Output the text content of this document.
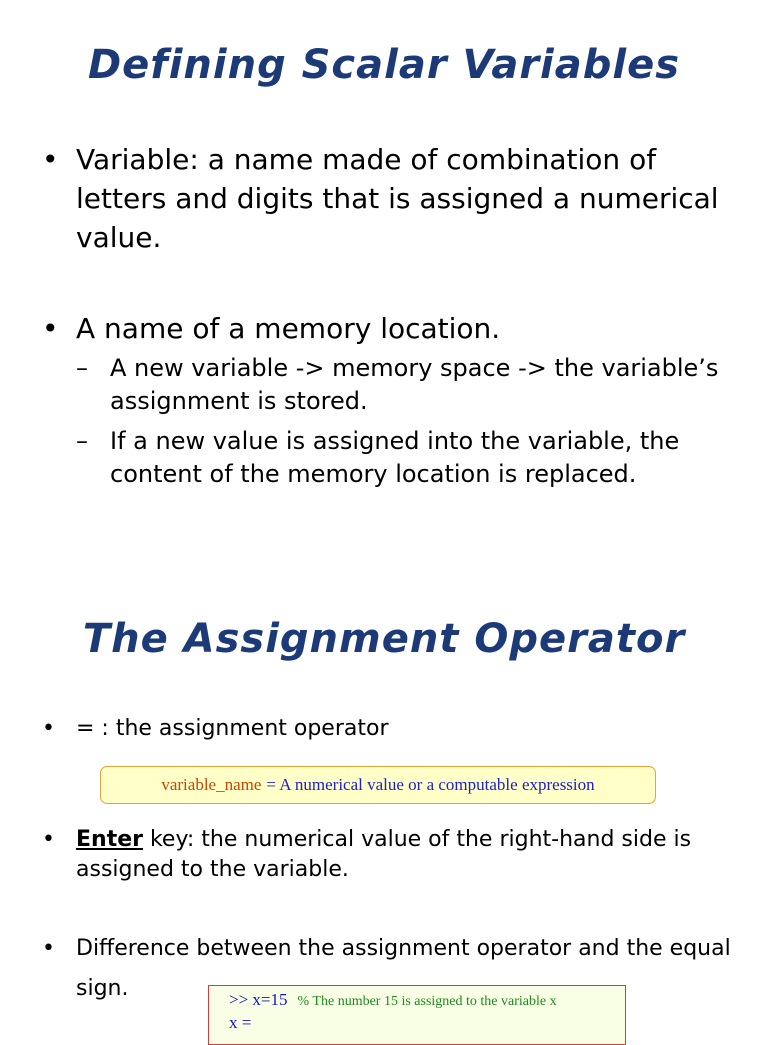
Defining Scalar Variables
• Variable: a name made of combination of letters and digits that is assigned a numerical value.
• A name of a memory location.
– A new variable -> memory space -> the variable’s assignment is stored.
– If a new value is assigned into the variable, the content of the memory location is replaced.
The Assignment Operator
• = : the assignment operator
variable_name = A numerical value or a computable expression
• Enter key: the numerical value of the right-hand side is assigned to the variable.
• Difference between the assignment operator and the equal sign.	>> x=15 % The number 15 is assigned to the variable x
x =
